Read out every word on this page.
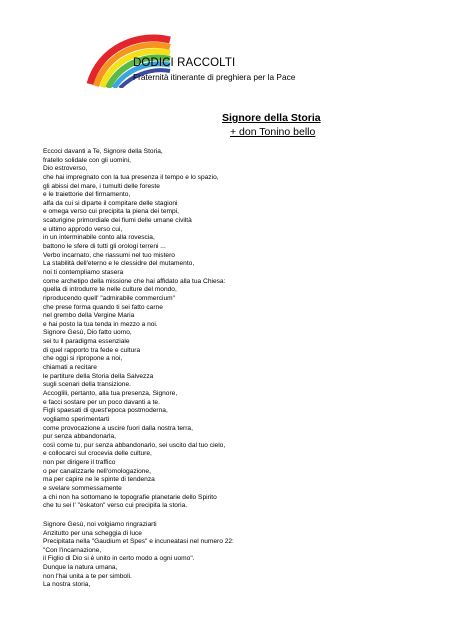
DODICI RACCOLTI

Fraternità itinerante di preghiera per la Pace

Signore della Storia
+ don Tonino bello
Eccoci davanti a Te, Signore della Storia,
fratello solidale con gli uomini,
Dio estroverso,
che hai impregnato con la tua presenza il tempo e lo spazio,
gli abissi del mare, i tumulti delle foreste
e le traiettorie del firmamento,
alfa da cui si diparte il compitare delle stagioni
e omega verso cui precipita la piena dei tempi,
scaturigine primordiale dei fiumi delle umane civiltà
e ultimo approdo verso cui,
in un interminabile conto alla rovescia,
battono le sfere di tutti gli orologi terreni ...
Verbo incarnato, che riassumi nel tuo mistero
La stabilità dell'eterno e le clessidre del mutamento,
noi ti contempliamo stasera
come archetipo della missione che hai affidato alla tua Chiesa:
quella di introdurre te nelle culture del mondo,
riproducendo quell' "admirabile commercium"
che prese forma quando ti sei fatto carne
nel grembo della Vergine Maria
e hai posto la tua tenda in mezzo a noi.
Signore Gesù, Dio fatto uomo,
sei tu il paradigma essenziale
di quel rapporto tra fede e cultura
che oggi si ripropone a noi,
chiamati a recitare
le partiture della Storia della Salvezza
sugli scenari della transizione.
Accoglili, pertanto, alla tua presenza, Signore,
e facci sostare per un poco davanti a te.
Figli spaesati di quest'epoca postmoderna,
vogliamo sperimentarti
come provocazione a uscire fuori dalla nostra terra,
pur senza abbandonarla,
così come tu, pur senza abbandonarlo, sei uscito dal tuo cielo,
e collocarci sul crocevia delle culture,
non per dirigere il traffico
o per canalizzarle nell'omologazione,
ma per capire ne le spinte di tendenza
e svelare sommessamente
a chi non ha sottomano le topografie planetarie dello Spirito
che tu sei l' "èskaton" verso cui precipita la storia.
Signore Gesù, noi volgiamo ringraziarti
Anzitutto per una scheggia di luce
Precipitata nella "Gaudium et Spes" e incuneatasi nel numero 22:
"Con l'incarnazione,
il Figlio di Dio si è unito in certo modo a ogni uomo".
Dunque la natura umana,
non l'hai unita a te per simboli.
La nostra storia,
